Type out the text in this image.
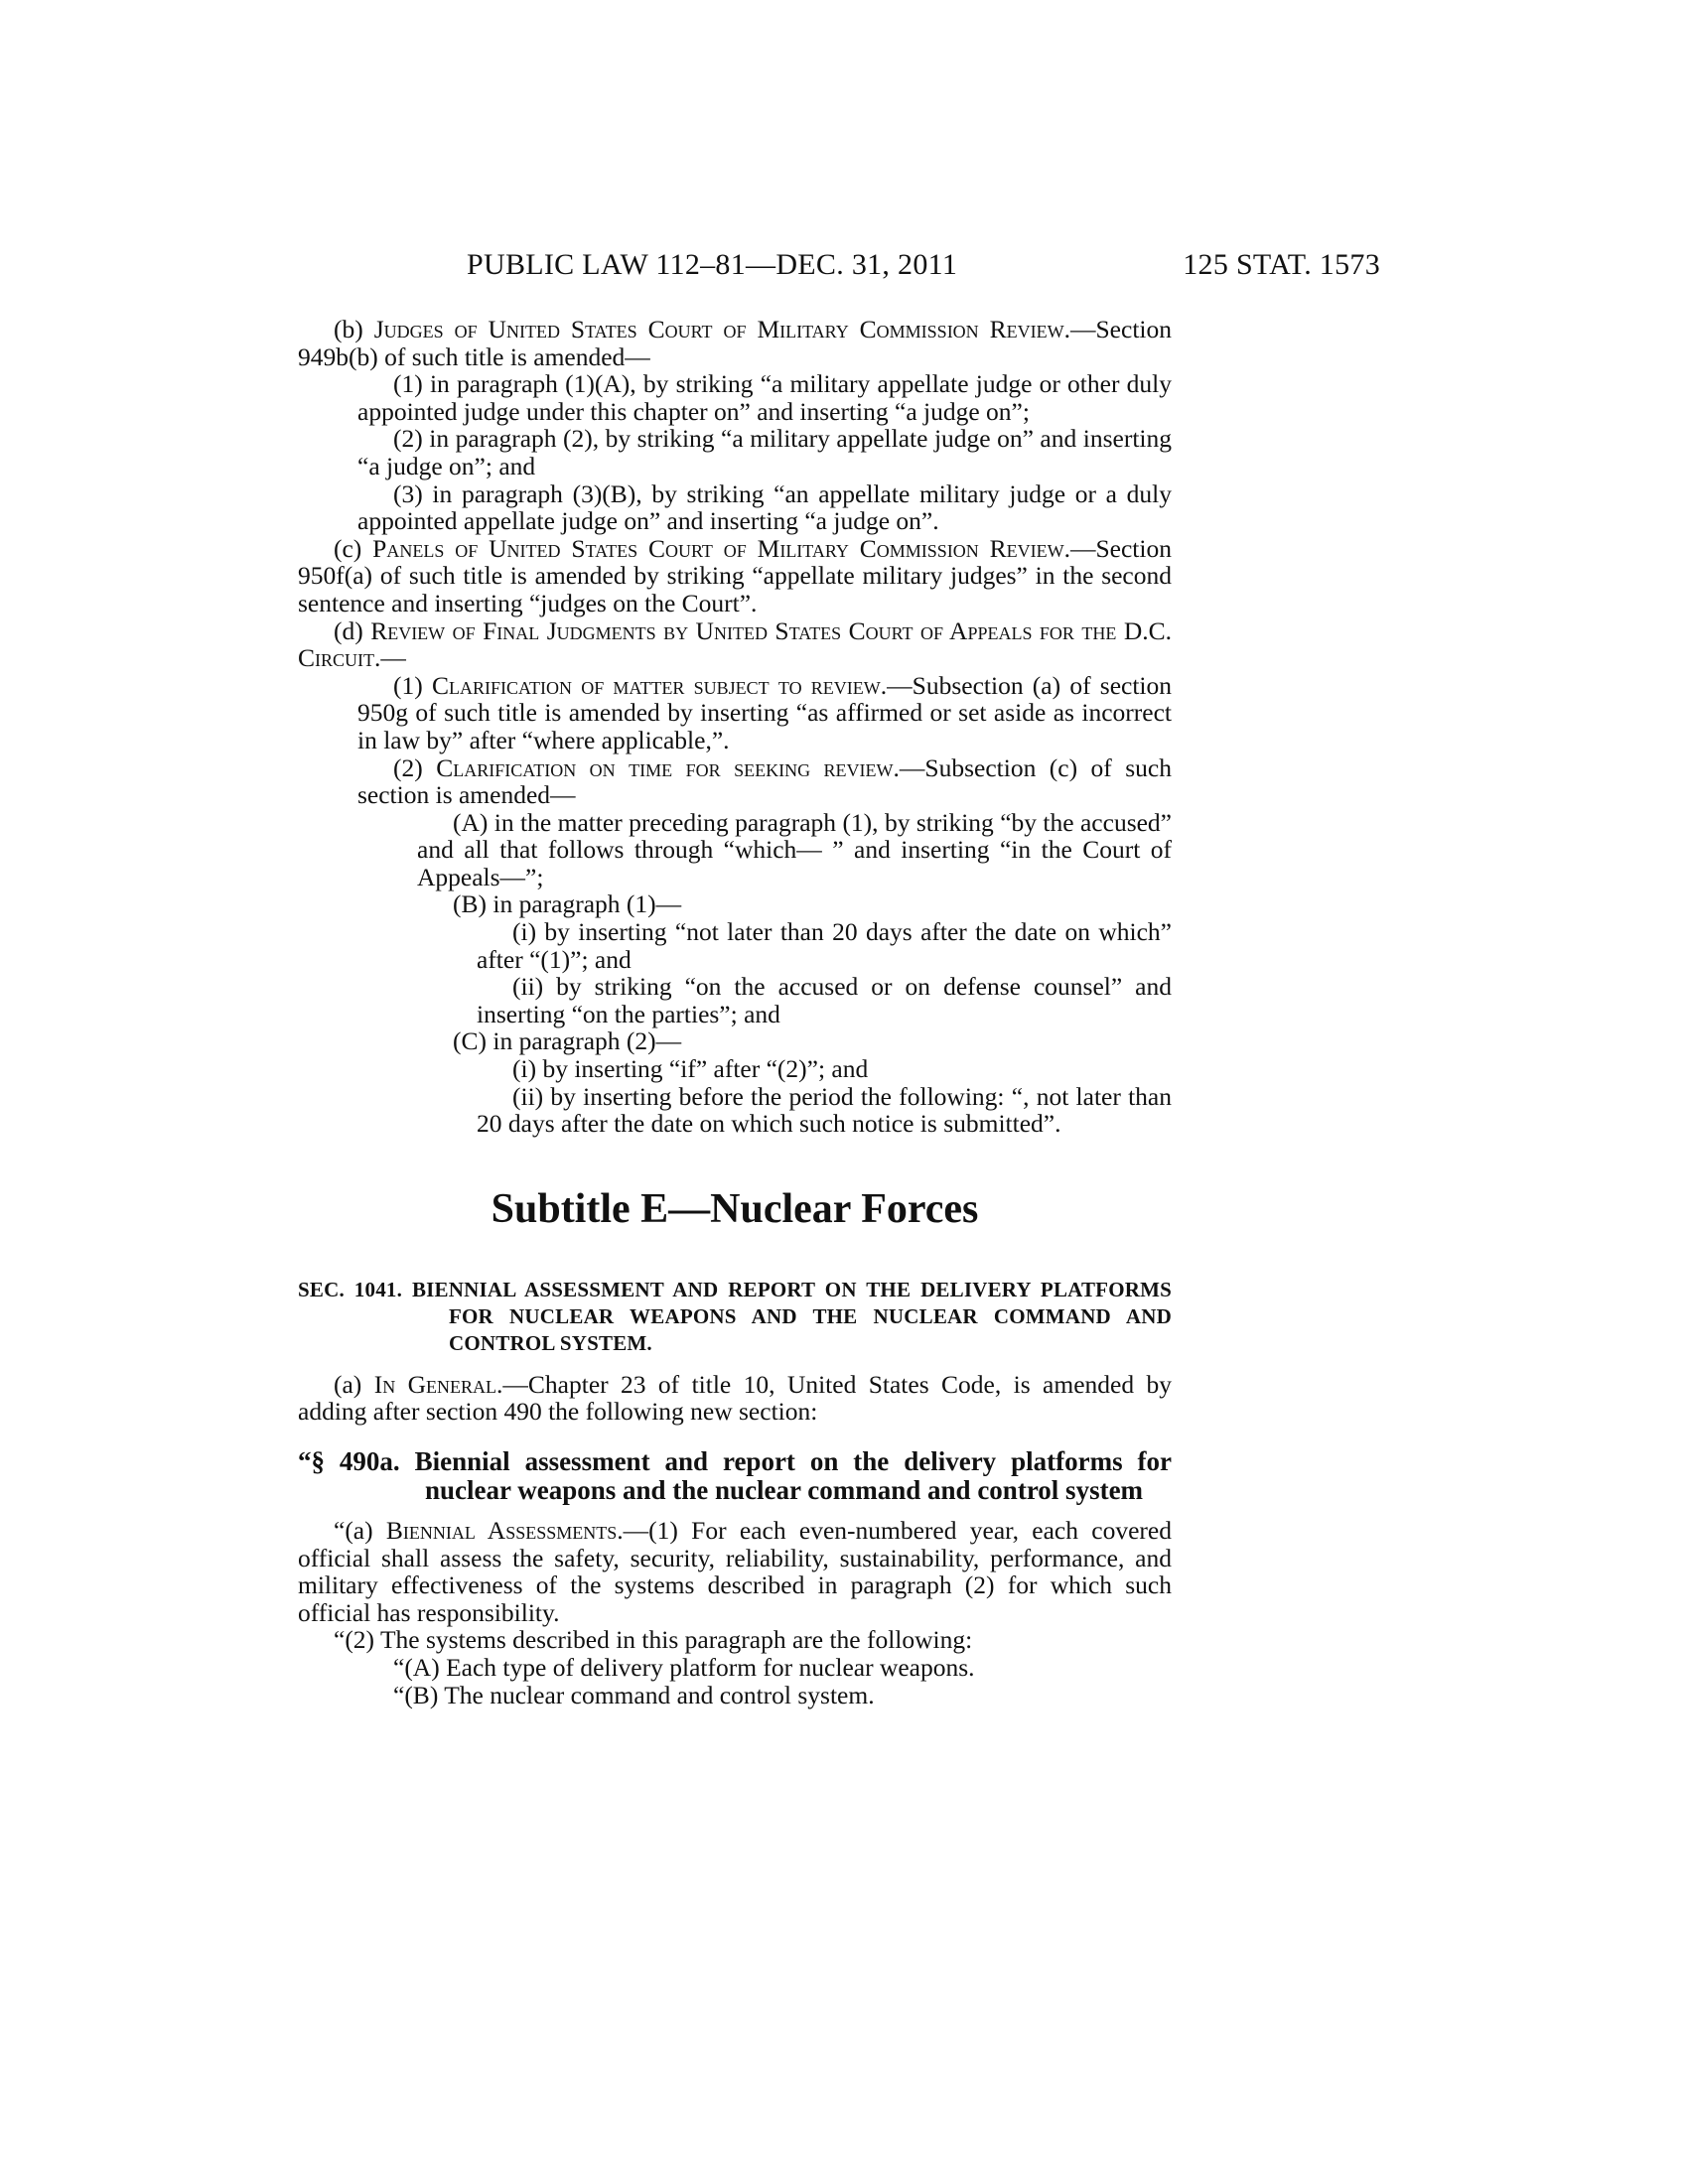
PUBLIC LAW 112–81—DEC. 31, 2011	125 STAT. 1573

(b) Judges of United States Court of Military Commission Review.—Section 949b(b) of such title is amended—

(1) in paragraph (1)(A), by striking “a military appellate judge or other duly appointed judge under this chapter on” and inserting “a judge on”;

(2) in paragraph (2), by striking “a military appellate judge on” and inserting “a judge on”; and

(3) in paragraph (3)(B), by striking “an appellate military judge or a duly appointed appellate judge on” and inserting “a judge on”.

(c) Panels of United States Court of Military Commission Review.—Section 950f(a) of such title is amended by striking “appellate military judges” in the second sentence and inserting “judges on the Court”.

(d) Review of Final Judgments by United States Court of Appeals for the D.C. Circuit.—

(1) Clarification of matter subject to review.—Subsection (a) of section 950g of such title is amended by inserting “as affirmed or set aside as incorrect in law by” after “where applicable,”.

(2) Clarification on time for seeking review.—Subsection (c) of such section is amended—

(A) in the matter preceding paragraph (1), by striking “by the accused” and all that follows through “which— ” and inserting “in the Court of Appeals—”;

(B) in paragraph (1)—

(i) by inserting “not later than 20 days after the date on which” after “(1)”; and

(ii) by striking “on the accused or on defense counsel” and inserting “on the parties”; and

(C) in paragraph (2)—

(i) by inserting “if” after “(2)”; and

(ii) by inserting before the period the following: “, not later than 20 days after the date on which such notice is submitted”.

Subtitle E—Nuclear Forces

SEC. 1041. BIENNIAL ASSESSMENT AND REPORT ON THE DELIVERY PLATFORMS FOR NUCLEAR WEAPONS AND THE NUCLEAR COMMAND AND CONTROL SYSTEM.

(a) In General.—Chapter 23 of title 10, United States Code, is amended by adding after section 490 the following new section:

“§ 490a. Biennial assessment and report on the delivery platforms for nuclear weapons and the nuclear command and control system

“(a) Biennial Assessments.—(1) For each even-numbered year, each covered official shall assess the safety, security, reliability, sustainability, performance, and military effectiveness of the systems described in paragraph (2) for which such official has responsibility.

“(2) The systems described in this paragraph are the following:

“(A) Each type of delivery platform for nuclear weapons.

“(B) The nuclear command and control system.
